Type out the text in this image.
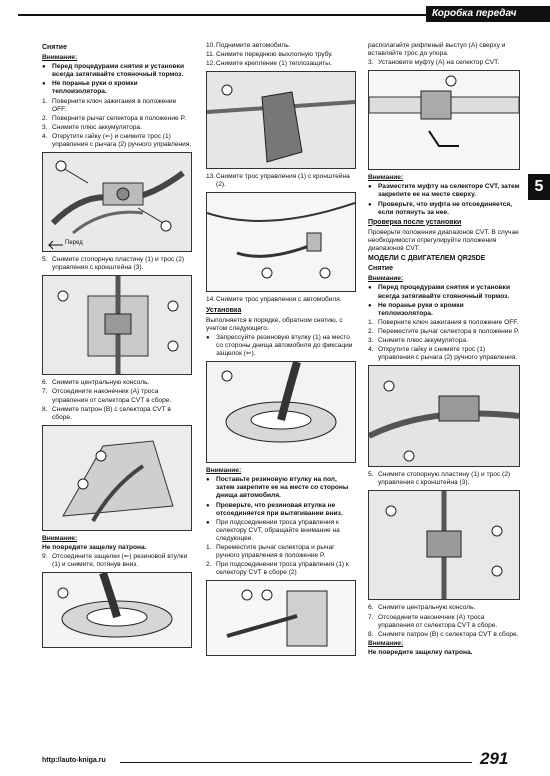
Коробка передач
5
Снятие

Внимание:

● Перед процедурами снятия и установки всегда затягивайте стояночный тормоз.
● Не поранье руки о кромки теплоизолятора.
1. Поверните ключ зажигания в положение OFF.
2. Поверните рычаг селектора в положение P.
3. Снимите плюс аккумулятора.
4. Открутите гайку (⇐) и снимите трос (1) управления с рычага (2) ручного управления.
Перед
5. Снимите стопорную пластину (1) и трос (2) управления с кронштейна (3).
6. Снимите центральную консоль.
7. Отсоедините наконечник (A) троса управления от селектора CVT в сборе.
8. Снимите патрон (B) с селектора CVT в сборе.

Внимание:

Не повредите защелку патрона.

9. Отсоедините защелки (⇐) резиновой втулки (1) и снимите, потянув вниз.
10. Поднимите автомобиль.
11. Снимите переднюю выхлопную трубу.
12. Снимите крепление (1) теплозащиты.
13. Снимите трос управления (1) с кронштейна (2).
14. Снимите трос управления с автомобиля.
Установка

Выполняется в порядке, обратном снятию, с учетом следующего.

● Запрессуйте резиновую втулку (1) на место со стороны днища автомобиля до фиксации защелок (⇐).

Внимание:

● Поставьте резиновую втулку на пол, затем закрепите ее на месте со стороны днища автомобиля.
● Проверьте, что резиновая втулка не отсоединяется при вытягивании вниз.
● При подсоединении троса управления к селектору CVT, обращайте внимание на следующее.
1. Переместите рычаг селектора и рычаг ручного управления в положение P.
2. При подсоединении троса управления (1) к селектору CVT в сборе (2)

располагайте рифленый выступ (A) сверху и вставляйте трос до упора.

3. Установите муфту (A) на селектор CVT.

Внимание:

● Разместите муфту на селекторе CVT, затем закрепите ее на месте сверху.
● Проверьте, что муфта не отсоединяется, если потянуть за нее.
Проверка после установки

Проверьте положения диапазонов CVT. В случае необходимости отрегулируйте положения диапазонов CVT.

МОДЕЛИ С ДВИГАТЕЛЕМ QR25DE
Снятие

Внимание:

● Перед процедурами снятия и установки всегда затягивайте стояночный тормоз.
● Не поранье руки о кромки теплоизолятора.
1. Поверните ключ зажигания в положение OFF.
2. Переместите рычаг селектора в положение P.
3. Снимите плюс аккумулятора.
4. Открутите гайку и снимите трос (1) управления с рычага (2) ручного управления.
5. Снимите стопорную пластину (1) и трос (2) управления с кронштейна (3).
6. Снимите центральную консоль.
7. Отсоедините наконечник (A) троса управления от селектора CVT в сборе.
8. Снимите патрон (B) с селектора CVT в сборе.

Внимание:

Не повредите защелку патрона.

http://auto-kniga.ru	291
